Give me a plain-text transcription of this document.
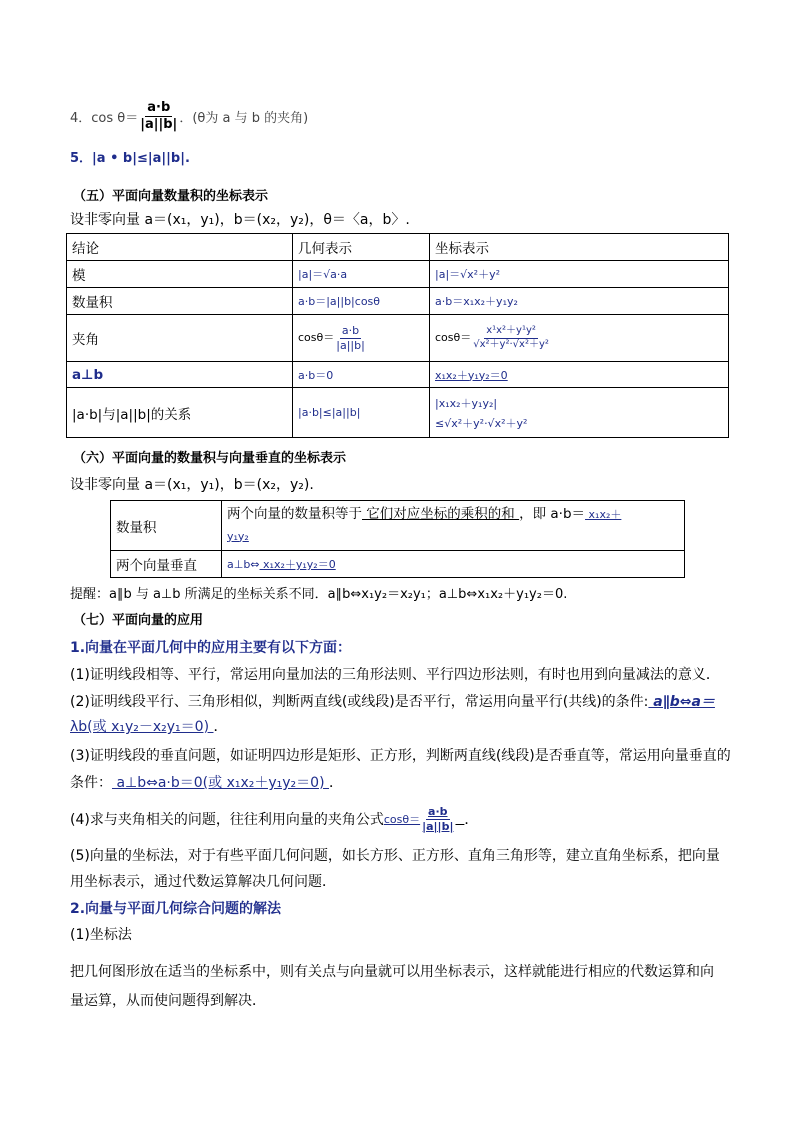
4．$\cos \theta= \frac{a\cdot b}{|a||b|}$ ．(θ为 a 与 b 的夹角)
5．|a • b|≤|a||b|.
（五）平面向量数量积的坐标表示
设非零向量 a＝(x₁，y₁)，b＝(x₂，y₂)，θ＝〈a，b〉.
结论	几何表示	坐标表示
模	|a|＝√a·a	|a|＝√x²＋y²
数量积	a·b＝|a||b|cosθ	a·b＝x₁x₂＋y₁y₂
夹角	$\cos\theta= \frac{a\cdot b}{|a||b|}$	$\cos\theta= \frac{\text{x¹x²＋y¹y²}}{\text{√x²＋y²·√x²＋y²}}$

a⊥b	a·b＝0	x₁x₂＋y₁y₂＝0
|a·b|与|a||b|的关系	|a·b|≤|a||b|	|x₁x₂＋y₁y₂|
≤√x²＋y²·√x²＋y²
（六）平面向量的数量积与向量垂直的坐标表示
设非零向量 a＝(x₁，y₁)，b＝(x₂，y₂).
数量积	两个向量的数量积等于 它们对应坐标的乘积的和 ，即 a·b＝ x₁x₂＋
y₁y₂
两个向量垂直	a⊥b⇔ x₁x₂＋y₁y₂＝0
提醒：a∥b 与 a⊥b 所满足的坐标关系不同．a∥b⇔x₁y₂＝x₂y₁；a⊥b⇔x₁x₂＋y₁y₂＝0.
（七）平面向量的应用
1.向量在平面几何中的应用主要有以下方面：
(1)证明线段相等、平行，常运用向量加法的三角形法则、平行四边形法则，有时也用到向量减法的意义．
(2)证明线段平行、三角形相似，判断两直线(或线段)是否平行，常运用向量平行(共线)的条件: a∥b⇔a＝
λb(或 x₁y₂－x₂y₁＝0) ．
(3)证明线段的垂直问题，如证明四边形是矩形、正方形，判断两直线(线段)是否垂直等，常运用向量垂直的
条件： a⊥b⇔a·b＝0(或 x₁x₂＋y₁y₂＝0) ．
(4)求与夹角相关的问题，往往利用向量的夹角公式 $\cos\theta= \frac{a\cdot b}{|a||b|}$
．
(5)向量的坐标法，对于有些平面几何问题，如长方形、正方形、直角三角形等，建立直角坐标系，把向量
用坐标表示，通过代数运算解决几何问题．
2.向量与平面几何综合问题的解法
(1)坐标法
把几何图形放在适当的坐标系中，则有关点与向量就可以用坐标表示，这样就能进行相应的代数运算和向
量运算，从而使问题得到解决．
